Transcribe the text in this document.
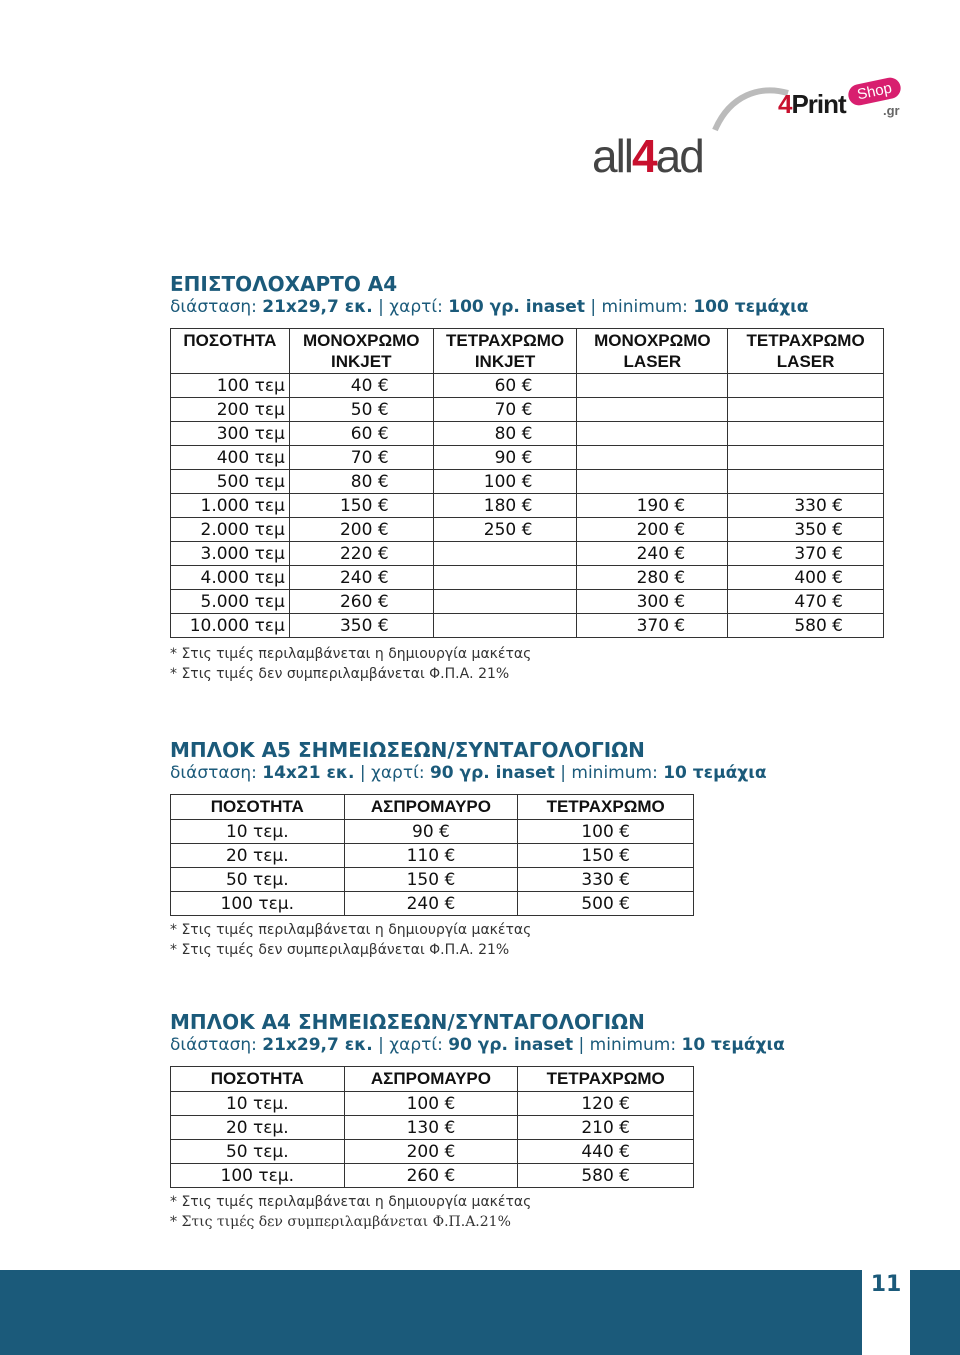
all4ad
4Print Shop
.gr
ΕΠΙΣΤΟΛΟΧΑΡΤΟ Α4
διάσταση: 21x29,7 εκ. | χαρτί: 100 γρ. inaset | minimum: 100 τεμάχια
ΠΟΣΟΤΗΤΑ	ΜΟΝΟΧΡΩΜΟ INKJET	ΤΕΤΡΑΧΡΩΜΟ INKJET	ΜΟΝΟΧΡΩΜΟ LASER	ΤΕΤΡΑΧΡΩΜΟ LASER
100 τεμ	40 €	60 €		
200 τεμ	50 €	70 €		
300 τεμ	60 €	80 €		
400 τεμ	70 €	90 €		
500 τεμ	80 €	100 €		
1.000 τεμ	150 €	180 €	190 €	330 €
2.000 τεμ	200 €	250 €	200 €	350 €
3.000 τεμ	220 €		240 €	370 €
4.000 τεμ	240 €		280 €	400 €
5.000 τεμ	260 €		300 €	470 €
10.000 τεμ	350 €		370 €	580 €
* Στις τιμές περιλαμβάνεται η δημιουργία μακέτας
* Στις τιμές δεν συμπεριλαμβάνεται Φ.Π.Α. 21%
ΜΠΛΟΚ Α5 ΣΗΜΕΙΩΣΕΩΝ/ΣΥΝΤΑΓΟΛΟΓΙΩΝ
διάσταση: 14x21 εκ. | χαρτί: 90 γρ. inaset | minimum: 10 τεμάχια
ΠΟΣΟΤΗΤΑ	ΑΣΠΡΟΜΑΥΡΟ	ΤΕΤΡΑΧΡΩΜΟ
10 τεμ.	90 €	100 €
20 τεμ.	110 €	150 €
50 τεμ.	150 €	330 €
100 τεμ.	240 €	500 €
* Στις τιμές περιλαμβάνεται η δημιουργία μακέτας
* Στις τιμές δεν συμπεριλαμβάνεται Φ.Π.Α. 21%
ΜΠΛΟΚ Α4 ΣΗΜΕΙΩΣΕΩΝ/ΣΥΝΤΑΓΟΛΟΓΙΩΝ
διάσταση: 21x29,7 εκ. | χαρτί: 90 γρ. inaset | minimum: 10 τεμάχια
ΠΟΣΟΤΗΤΑ	ΑΣΠΡΟΜΑΥΡΟ	ΤΕΤΡΑΧΡΩΜΟ
10 τεμ.	100 €	120 €
20 τεμ.	130 €	210 €
50 τεμ.	200 €	440 €
100 τεμ.	260 €	580 €
* Στις τιμές περιλαμβάνεται η δημιουργία μακέτας
* Στις τιμές δεν συμπεριλαμβάνεται Φ.Π.Α.21%
11
